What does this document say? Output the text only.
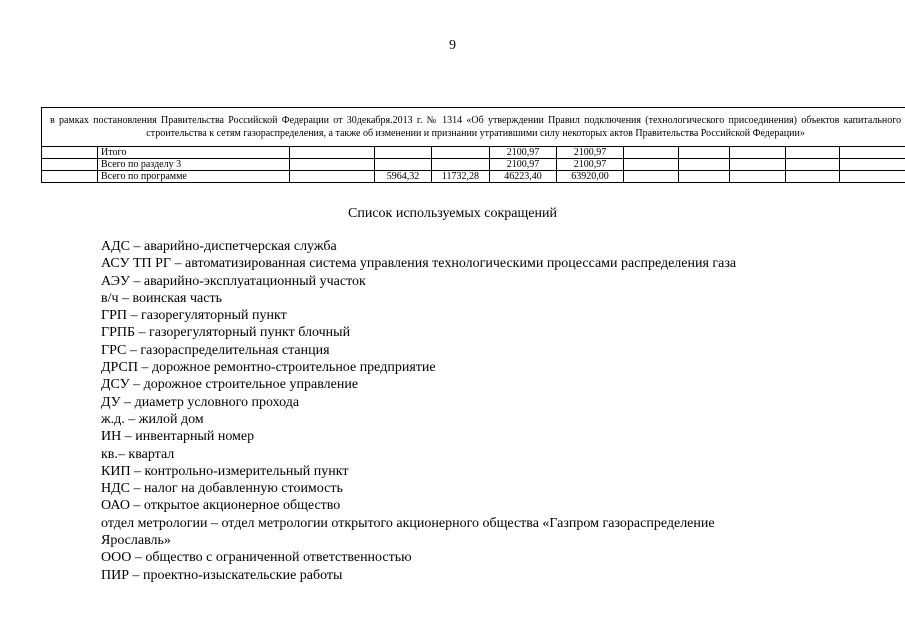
9
в рамках постановления Правительства Российской Федерации от 30декабря.2013 г. № 1314 «Об утверждении Правил подключения (технологического присоединения) объектов капитального строительства к сетям газораспределения, а также об изменении и признании утратившими силу некоторых актов Правительства Российской Федерации»											
	Итого				2100,97	2100,97					
	Всего по разделу 3				2100,97	2100,97					
	Всего по программе		5964,32	11732,28	46223,40	63920,00					
Список используемых сокращений
АДС – аварийно-диспетчерская служба
АСУ ТП РГ – автоматизированная система управления технологическими процессами распределения газа
АЭУ – аварийно-эксплуатационный участок
в/ч – воинская часть
ГРП – газорегуляторный пункт
ГРПБ – газорегуляторный пункт блочный
ГРС – газораспределительная станция
ДРСП – дорожное ремонтно-строительное предприятие
ДСУ – дорожное строительное управление
ДУ – диаметр условного прохода
ж.д. – жилой дом
ИН – инвентарный номер
кв.– квартал
КИП – контрольно-измерительный пункт
НДС – налог на добавленную стоимость
ОАО – открытое акционерное общество
отдел метрологии – отдел метрологии открытого акционерного общества «Газпром газораспределение
Ярославль»
ООО – общество с ограниченной ответственностью
ПИР – проектно-изыскательские работы
